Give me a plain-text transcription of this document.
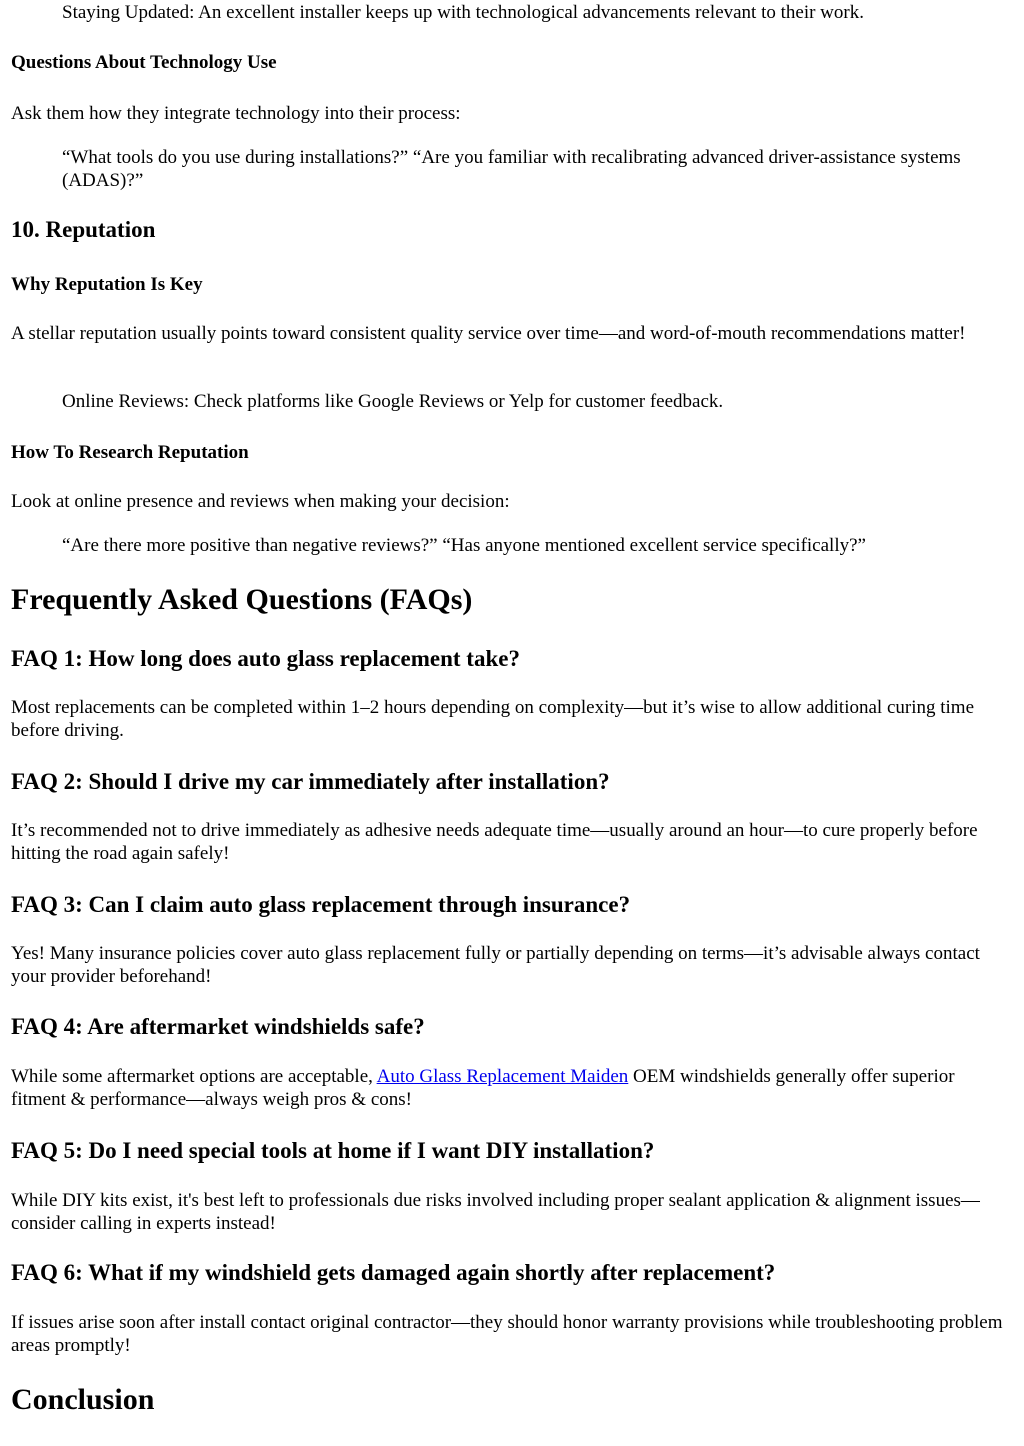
Staying Updated: An excellent installer keeps up with technological advancements relevant to their work.

Questions About Technology Use

Ask them how they integrate technology into their process:

“What tools do you use during installations?” “Are you familiar with recalibrating advanced driver-assistance systems (ADAS)?”

10. Reputation
Why Reputation Is Key

A stellar reputation usually points toward consistent quality service over time—and word-of-mouth recommendations matter!

Online Reviews: Check platforms like Google Reviews or Yelp for customer feedback.

How To Research Reputation

Look at online presence and reviews when making your decision:

“Are there more positive than negative reviews?” “Has anyone mentioned excellent service specifically?”

Frequently Asked Questions (FAQs)
FAQ 1: How long does auto glass replacement take?

Most replacements can be completed within 1–2 hours depending on complexity—but it’s wise to allow additional curing time before driving.

FAQ 2: Should I drive my car immediately after installation?

It’s recommended not to drive immediately as adhesive needs adequate time—usually around an hour—to cure properly before hitting the road again safely!

FAQ 3: Can I claim auto glass replacement through insurance?

Yes! Many insurance policies cover auto glass replacement fully or partially depending on terms—it’s advisable always contact your provider beforehand!

FAQ 4: Are aftermarket windshields safe?

While some aftermarket options are acceptable, Auto Glass Replacement Maiden OEM windshields generally offer superior fitment & performance—always weigh pros & cons!

FAQ 5: Do I need special tools at home if I want DIY installation?

While DIY kits exist, it's best left to professionals due risks involved including proper sealant application & alignment issues—consider calling in experts instead!

FAQ 6: What if my windshield gets damaged again shortly after replacement?

If issues arise soon after install contact original contractor—they should honor warranty provisions while troubleshooting problem areas promptly!

Conclusion
